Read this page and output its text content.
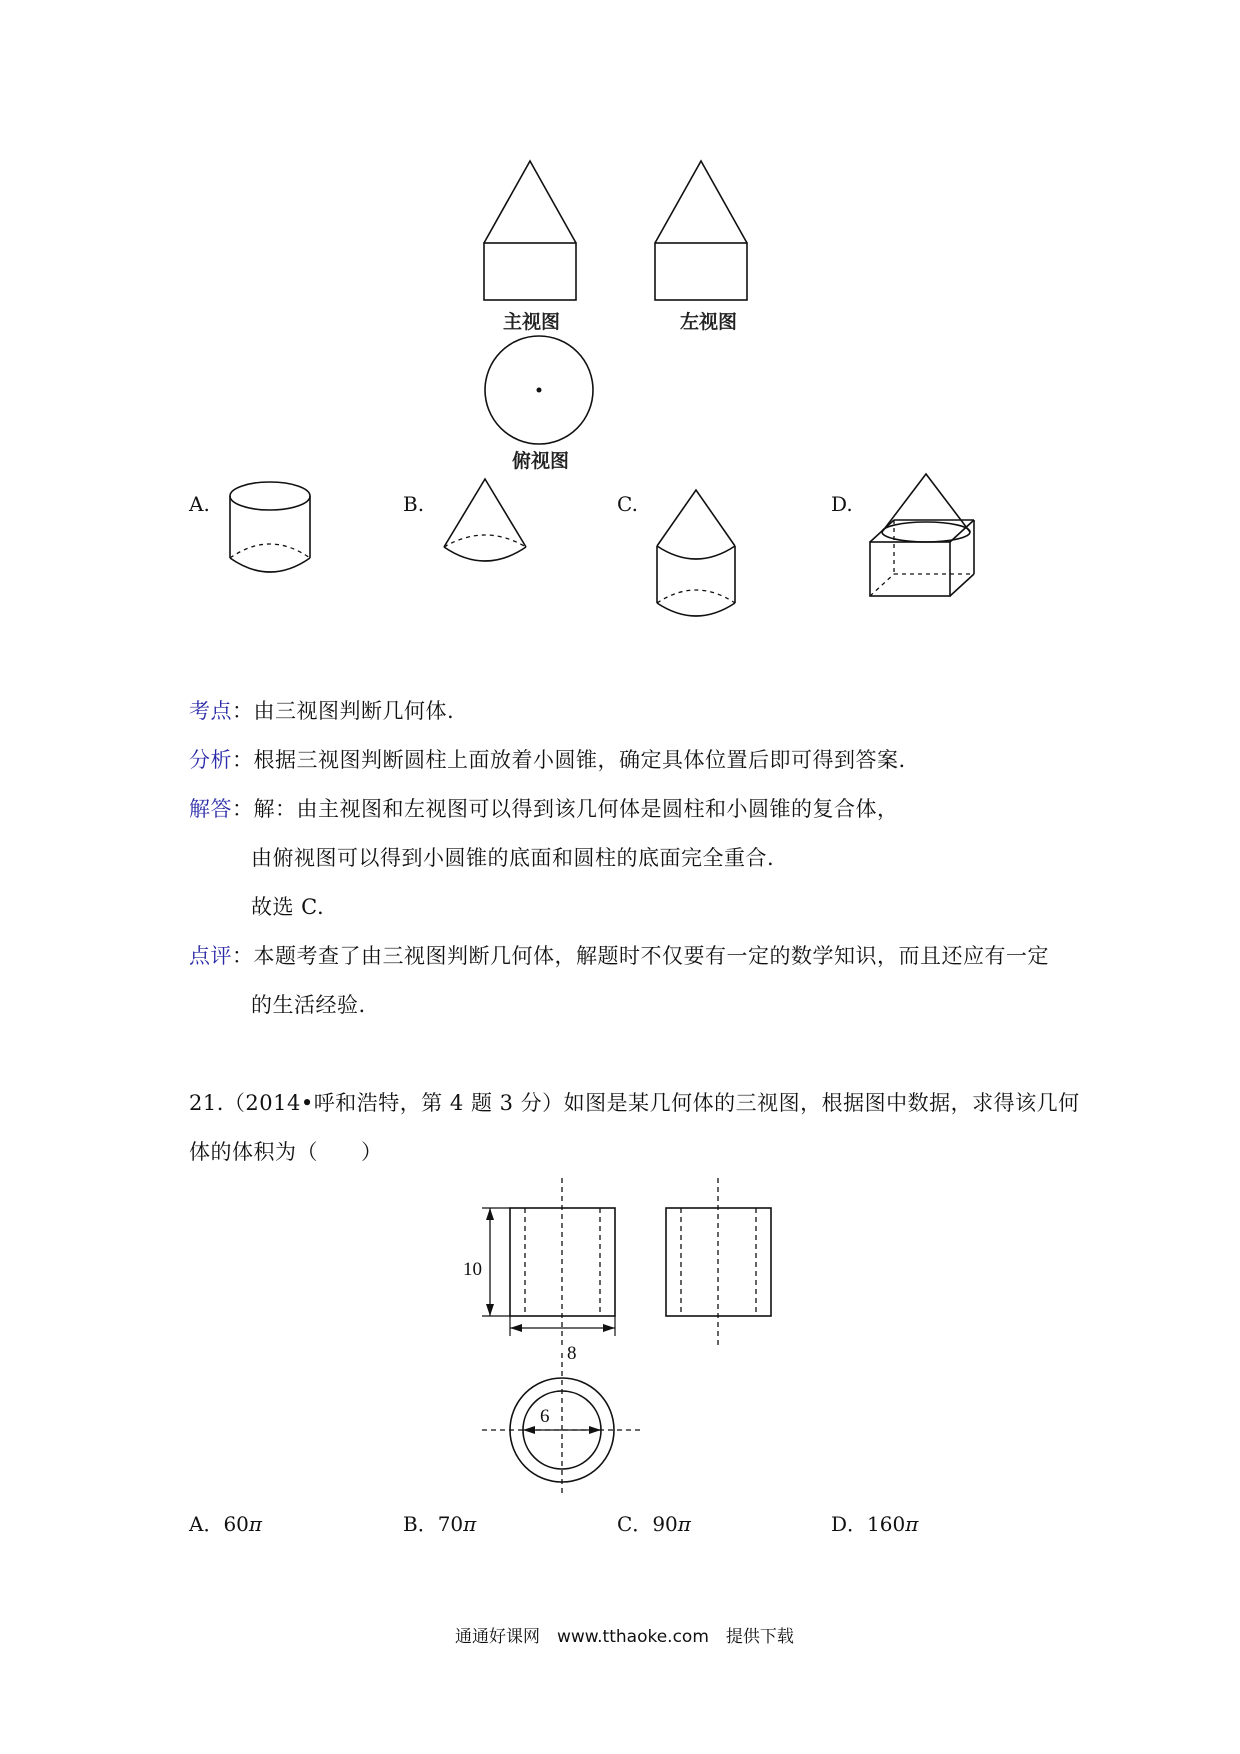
主视图	左视图
俯视图
A.	B.	C.	D.
考点：由三视图判断几何体.
分析：根据三视图判断圆柱上面放着小圆锥，确定具体位置后即可得到答案.
解答：解：由主视图和左视图可以得到该几何体是圆柱和小圆锥的复合体，
由俯视图可以得到小圆锥的底面和圆柱的底面完全重合.
故选 C.
点评：本题考查了由三视图判断几何体，解题时不仅要有一定的数学知识，而且还应有一定
的生活经验.
21.（2014•呼和浩特，第 4 题 3 分）如图是某几何体的三视图，根据图中数据，求得该几何
体的体积为（　　）
10
8
6
A．60π	B．70π	C．90π	D．160π
通通好课网　www.tthaoke.com　提供下载
